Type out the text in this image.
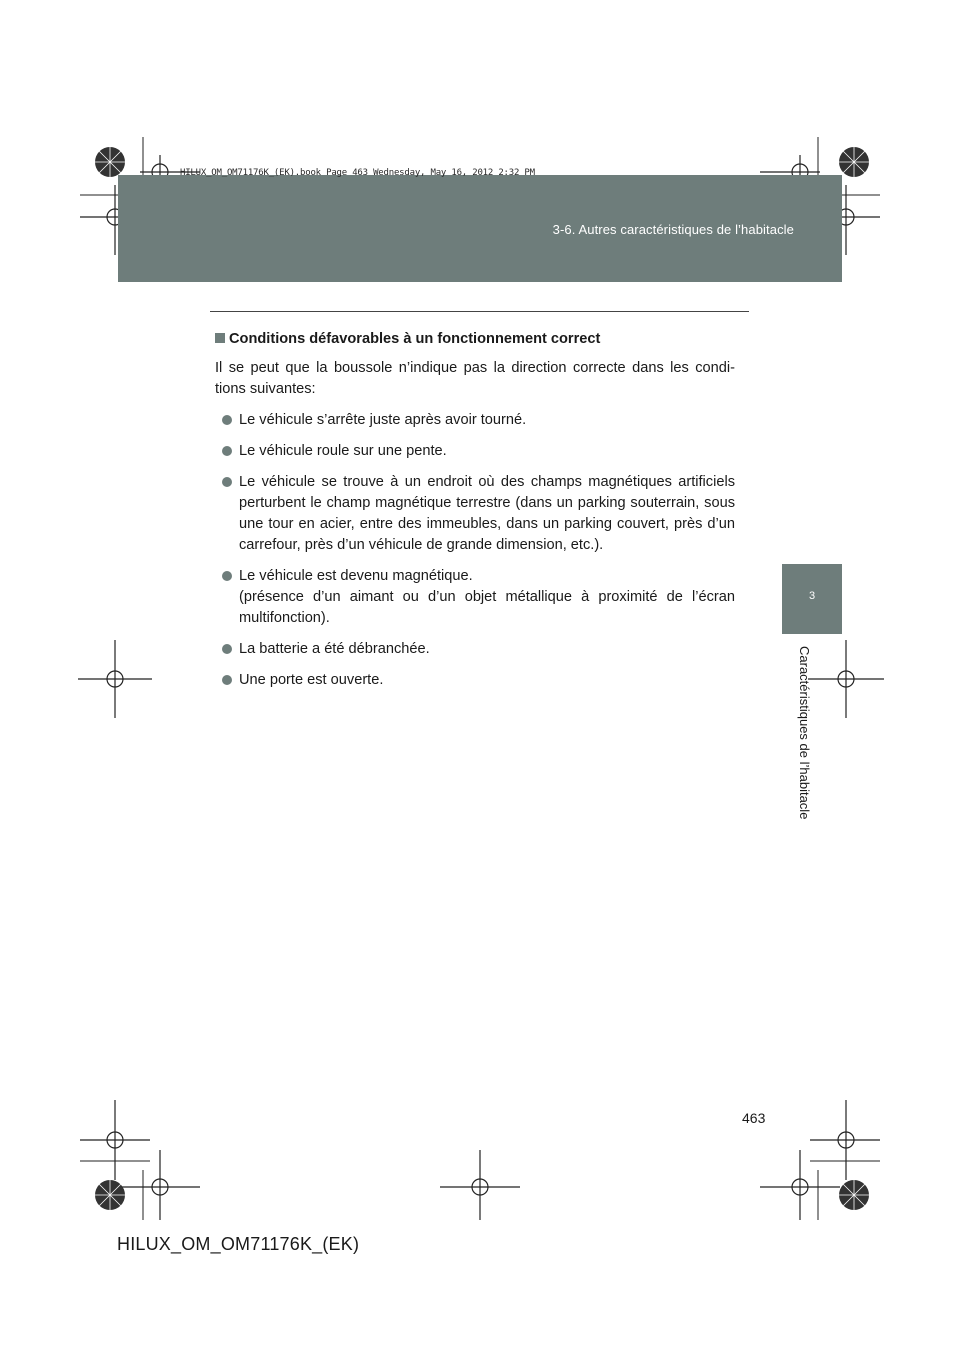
HILUX_OM_OM71176K_(EK).book Page 463 Wednesday, May 16, 2012 2:32 PM
3-6. Autres caractéristiques de l’habitacle
3
Caractéristiques de l’habitacle

Conditions défavorables à un fonctionnement correct

Il se peut que la boussole n’indique pas la direction correcte dans les condi-tions suivantes:

Le véhicule s’arrête juste après avoir tourné.
Le véhicule roule sur une pente.
Le véhicule se trouve à un endroit où des champs magnétiques artificiels perturbent le champ magnétique terrestre (dans un parking souterrain, sous une tour en acier, entre des immeubles, dans un parking couvert, près d’un carrefour, près d’un véhicule de grande dimension, etc.).
Le véhicule est devenu magnétique.
(présence d’un aimant ou d’un objet métallique à proximité de l’écran multifonction).
La batterie a été débranchée.
Une porte est ouverte.
463
HILUX_OM_OM71176K_(EK)
